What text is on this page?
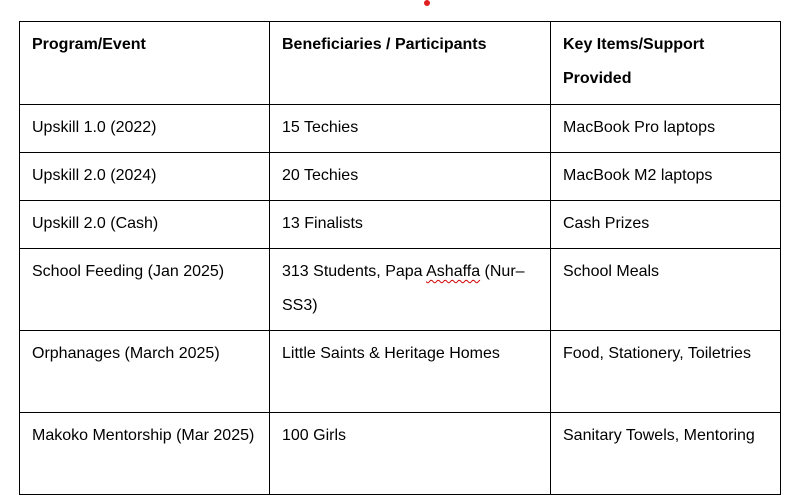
Program/Event	Beneficiaries / Participants	Key Items/Support Provided
Upskill 1.0 (2022)	15 Techies	MacBook Pro laptops
Upskill 2.0 (2024)	20 Techies	MacBook M2 laptops
Upskill 2.0 (Cash)	13 Finalists	Cash Prizes
School Feeding (Jan 2025)	313 Students, Papa Ashaffa (Nur–SS3)	School Meals
Orphanages (March 2025)	Little Saints & Heritage Homes	Food, Stationery, Toiletries
Makoko Mentorship (Mar 2025)	100 Girls	Sanitary Towels, Mentoring
